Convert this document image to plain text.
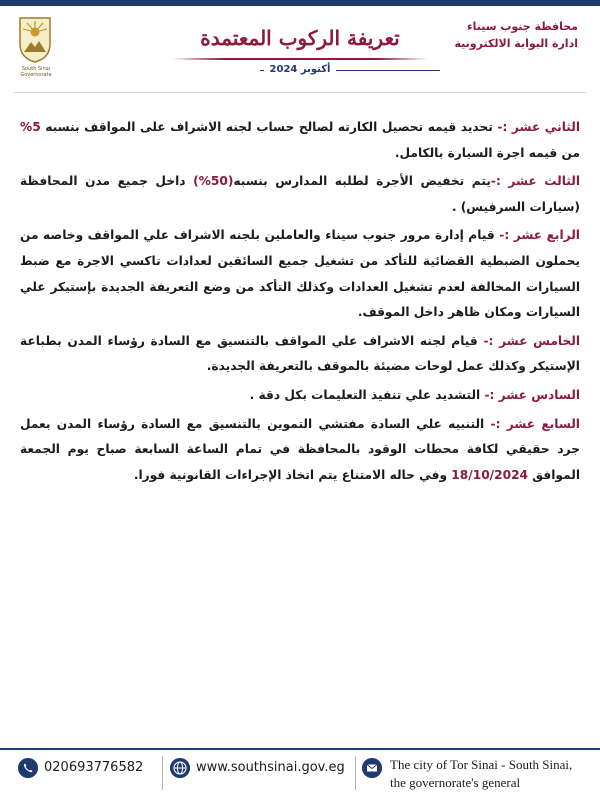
South Sinai Governorate
تعريفة الركوب المعتمدة
أكتوبر 2024
محافظة جنوب سيناء
ادارة البوابة الالكترونية

الثاني عشر :- تحديد قيمه تحصيل الكارته لصالح حساب لجنه الاشراف على المواقف بنسبه 5% من قيمه اجرة السيارة بالكامل.

الثالث عشر :-يتم تخفيض الأجرة لطلبه المدارس بنسبه(50%) داخل جميع مدن المحافظة (سيارات السرفيس) .

الرابع عشر :- قيام إدارة مرور جنوب سيناء والعاملين بلجنه الاشراف علي المواقف وخاصه من يحملون الضبطية القضائية للتأكد من تشغيل جميع السائقين لعدادات تاكسي الاجرة مع ضبط السيارات المخالفة لعدم تشغيل العدادات وكذلك التأكد من وضع التعريفة الجديدة بإستيكر علي السيارات ومكان ظاهر داخل الموقف.

الخامس عشر :- قيام لجنه الاشراف علي المواقف بالتنسيق مع السادة رؤساء المدن بطباعة الإستيكر وكذلك عمل لوحات مضيئة بالموقف بالتعريفة الجديدة.

السادس عشر :- التشديد علي تنفيذ التعليمات بكل دقة .

السابع عشر :- التنبيه علي السادة مفتشي التموين بالتنسيق مع السادة رؤساء المدن بعمل جرد حقيقي لكافة محطات الوقود بالمحافظة في تمام الساعة السابعة صباح يوم الجمعة الموافق 18/10/2024 وفي حاله الامتناع يتم اتخاذ الإجراءات القانونية فورا.

020693776582	www.southsinai.gov.eg	The city of Tor Sinai - South Sinai,
the governorate's general
